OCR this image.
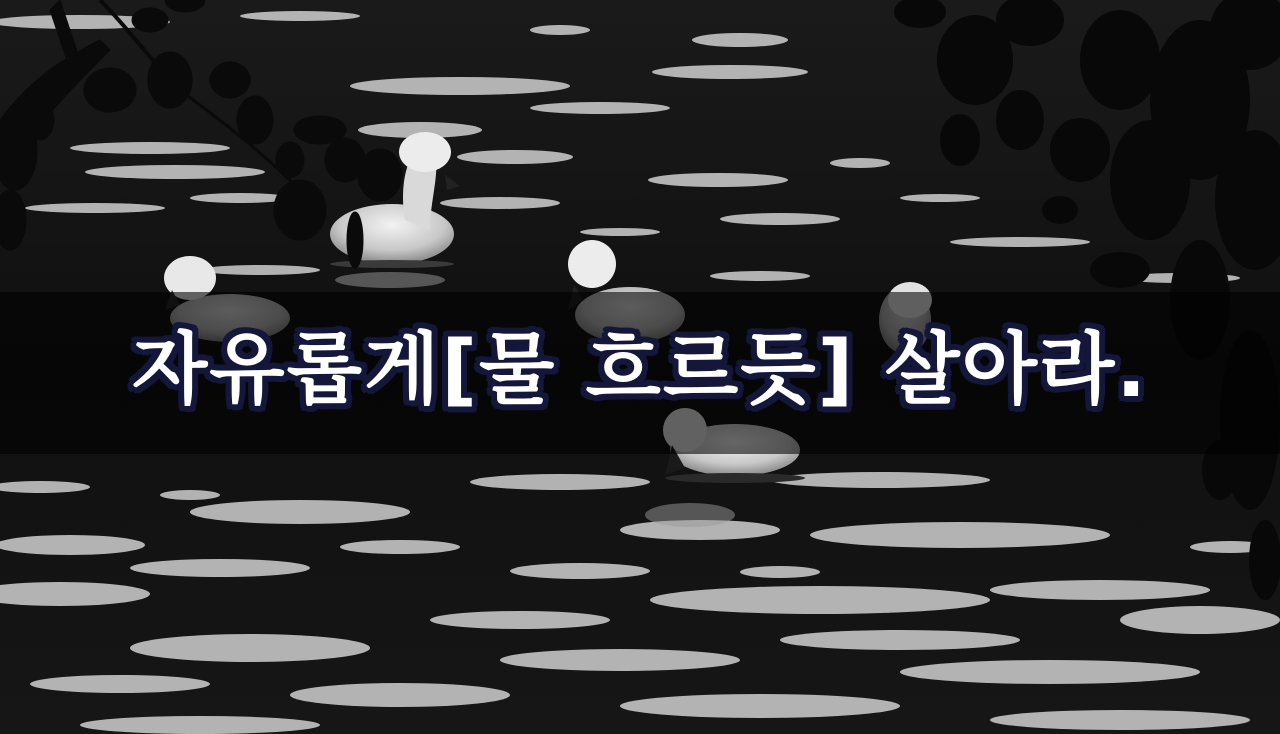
자유롭게[물 흐르듯] 살아라.
